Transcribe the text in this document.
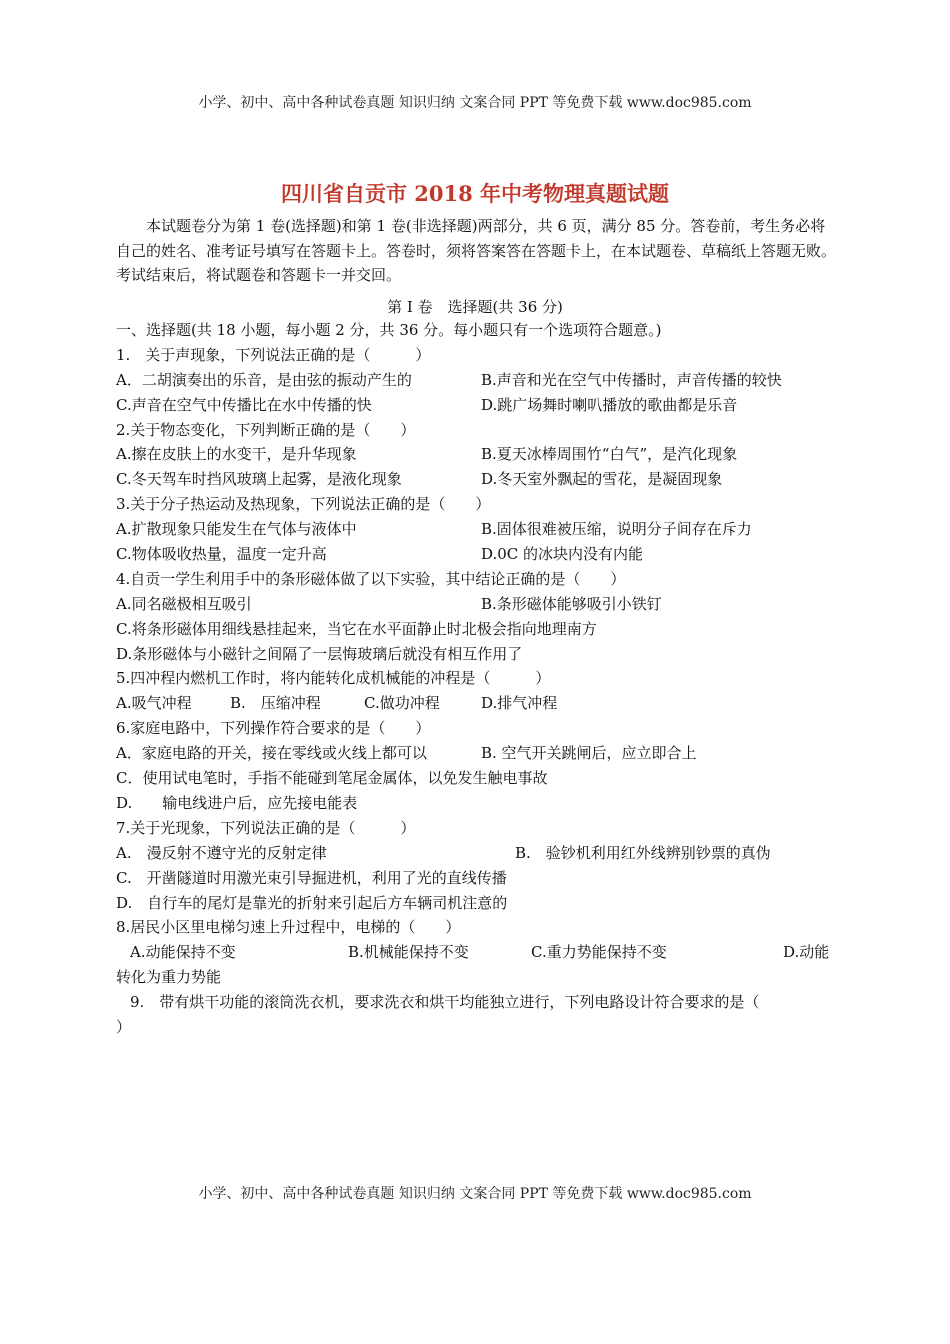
小学、初中、高中各种试卷真题 知识归纳 文案合同 PPT 等免费下载 www.doc985.com
四川省自贡市 2018 年中考物理真题试题
本试题卷分为第 1 卷(选择题)和第 1 卷(非选择题)两部分，共 6 页，满分 85 分。答卷前，考生务必将自己的姓名、准考证号填写在答题卡上。答卷时，须将答案答在答题卡上，在本试题卷、草稿纸上答题无败。考试结束后，将试题卷和答题卡一并交回。
第 I 卷　选择题(共 36 分)
一、选择题(共 18 小题，每小题 2 分，共 36 分。每小题只有一个选项符合题意。)
1.　关于声现象，下列说法正确的是（　　　）
A．二胡演奏出的乐音，是由弦的振动产生的	B.声音和光在空气中传播时，声音传播的较快
C.声音在空气中传播比在水中传播的快	D.跳广场舞时喇叭播放的歌曲都是乐音
2.关于物态变化，下列判断正确的是（　　）
A.擦在皮肤上的水变干，是升华现象	B.夏天冰棒周围竹“白气”，是汽化现象
C.冬天驾车时挡风玻璃上起雾，是液化现象	D.冬天室外飘起的雪花，是凝固现象
3.关于分子热运动及热现象，下列说法正确的是（　　）
A.扩散现象只能发生在气体与液体中	B.固体很难被压缩，说明分子间存在斥力
C.物体吸收热量，温度一定升高	D.0C 的冰块内没有内能
4.自贡一学生利用手中的条形磁体做了以下实验，其中结论正确的是（　　）
A.同名磁极相互吸引	B.条形磁体能够吸引小铁钉
C.将条形磁体用细线悬挂起来，当它在水平面静止时北极会指向地理南方
D.条形磁体与小磁针之间隔了一层悔玻璃后就没有相互作用了
5.四冲程内燃机工作时，将内能转化成机械能的冲程是（　　　）
A.吸气冲程	B.　压缩冲程	C.做功冲程	D.排气冲程
6.家庭电路中，下列操作符合要求的是（　　）
A．家庭电路的开关，接在零线或火线上都可以	B. 空气开关跳闸后，应立即合上
C．使用试电笔时，手指不能碰到笔尾金属体，以免发生触电事故
D.　　输电线进户后，应先接电能表
7.关于光现象，下列说法正确的是（　　　）
A.　漫反射不遵守光的反射定律	B.　验钞机利用红外线辨别钞票的真伪
C.　开凿隧道时用激光束引导掘进机，利用了光的直线传播
D.　自行车的尾灯是靠光的折射来引起后方车辆司机注意的
8.居民小区里电梯匀速上升过程中，电梯的（　　）
A.动能保持不变	B.机械能保持不变	C.重力势能保持不变	D.动能
转化为重力势能
9.　带有烘干功能的滚筒洗衣机，要求洗衣和烘干均能独立进行，下列电路设计符合要求的是（
）
小学、初中、高中各种试卷真题 知识归纳 文案合同 PPT 等免费下载 www.doc985.com
